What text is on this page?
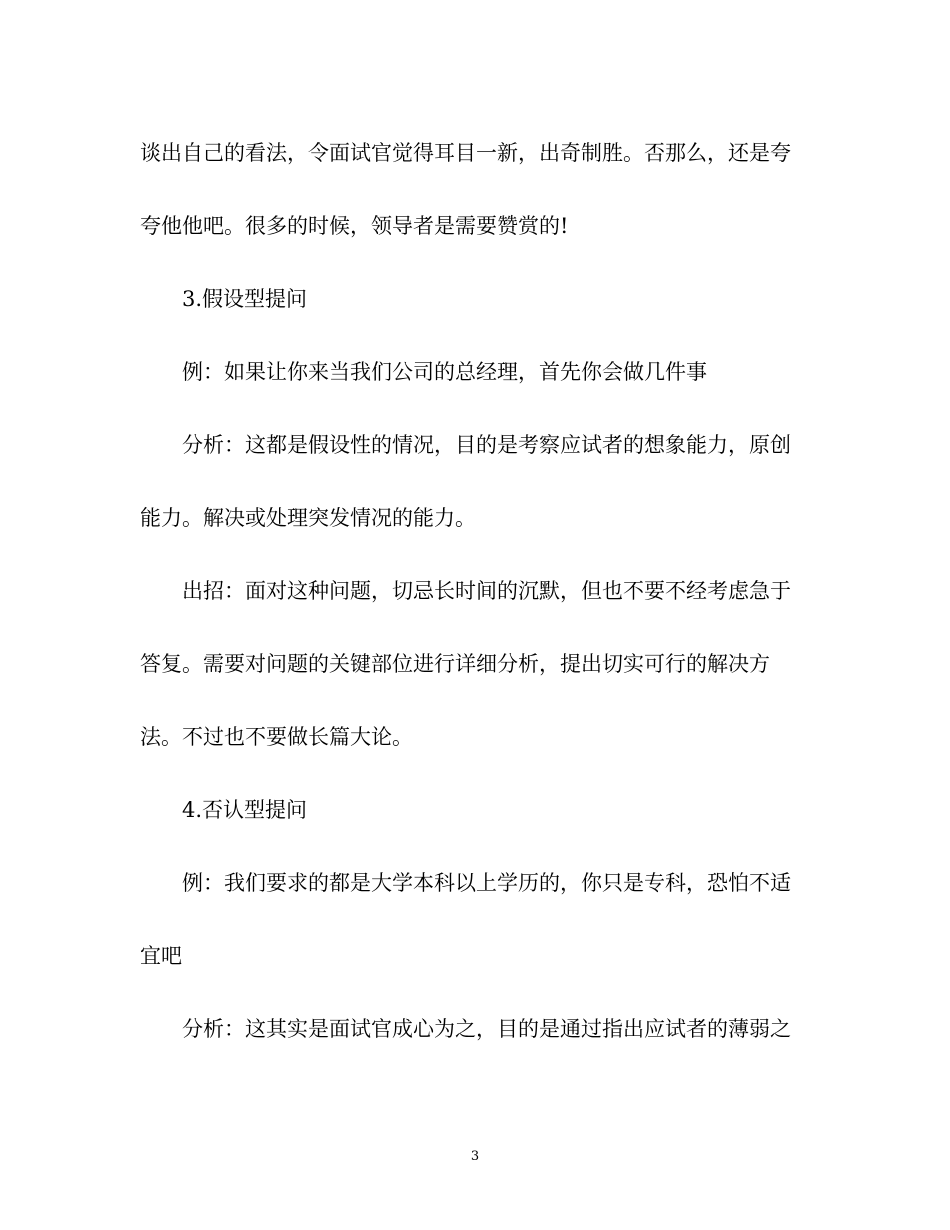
谈出自己的看法，令面试官觉得耳目一新，出奇制胜。否那么，还是夸
夸他他吧。很多的时候，领导者是需要赞赏的!
3.假设型提问
例：如果让你来当我们公司的总经理，首先你会做几件事
分析：这都是假设性的情况，目的是考察应试者的想象能力，原创
能力。解决或处理突发情况的能力。
出招：面对这种问题，切忌长时间的沉默，但也不要不经考虑急于
答复。需要对问题的关键部位进行详细分析，提出切实可行的解决方
法。不过也不要做长篇大论。
4.否认型提问
例：我们要求的都是大学本科以上学历的，你只是专科，恐怕不适
宜吧
分析：这其实是面试官成心为之，目的是通过指出应试者的薄弱之
3
